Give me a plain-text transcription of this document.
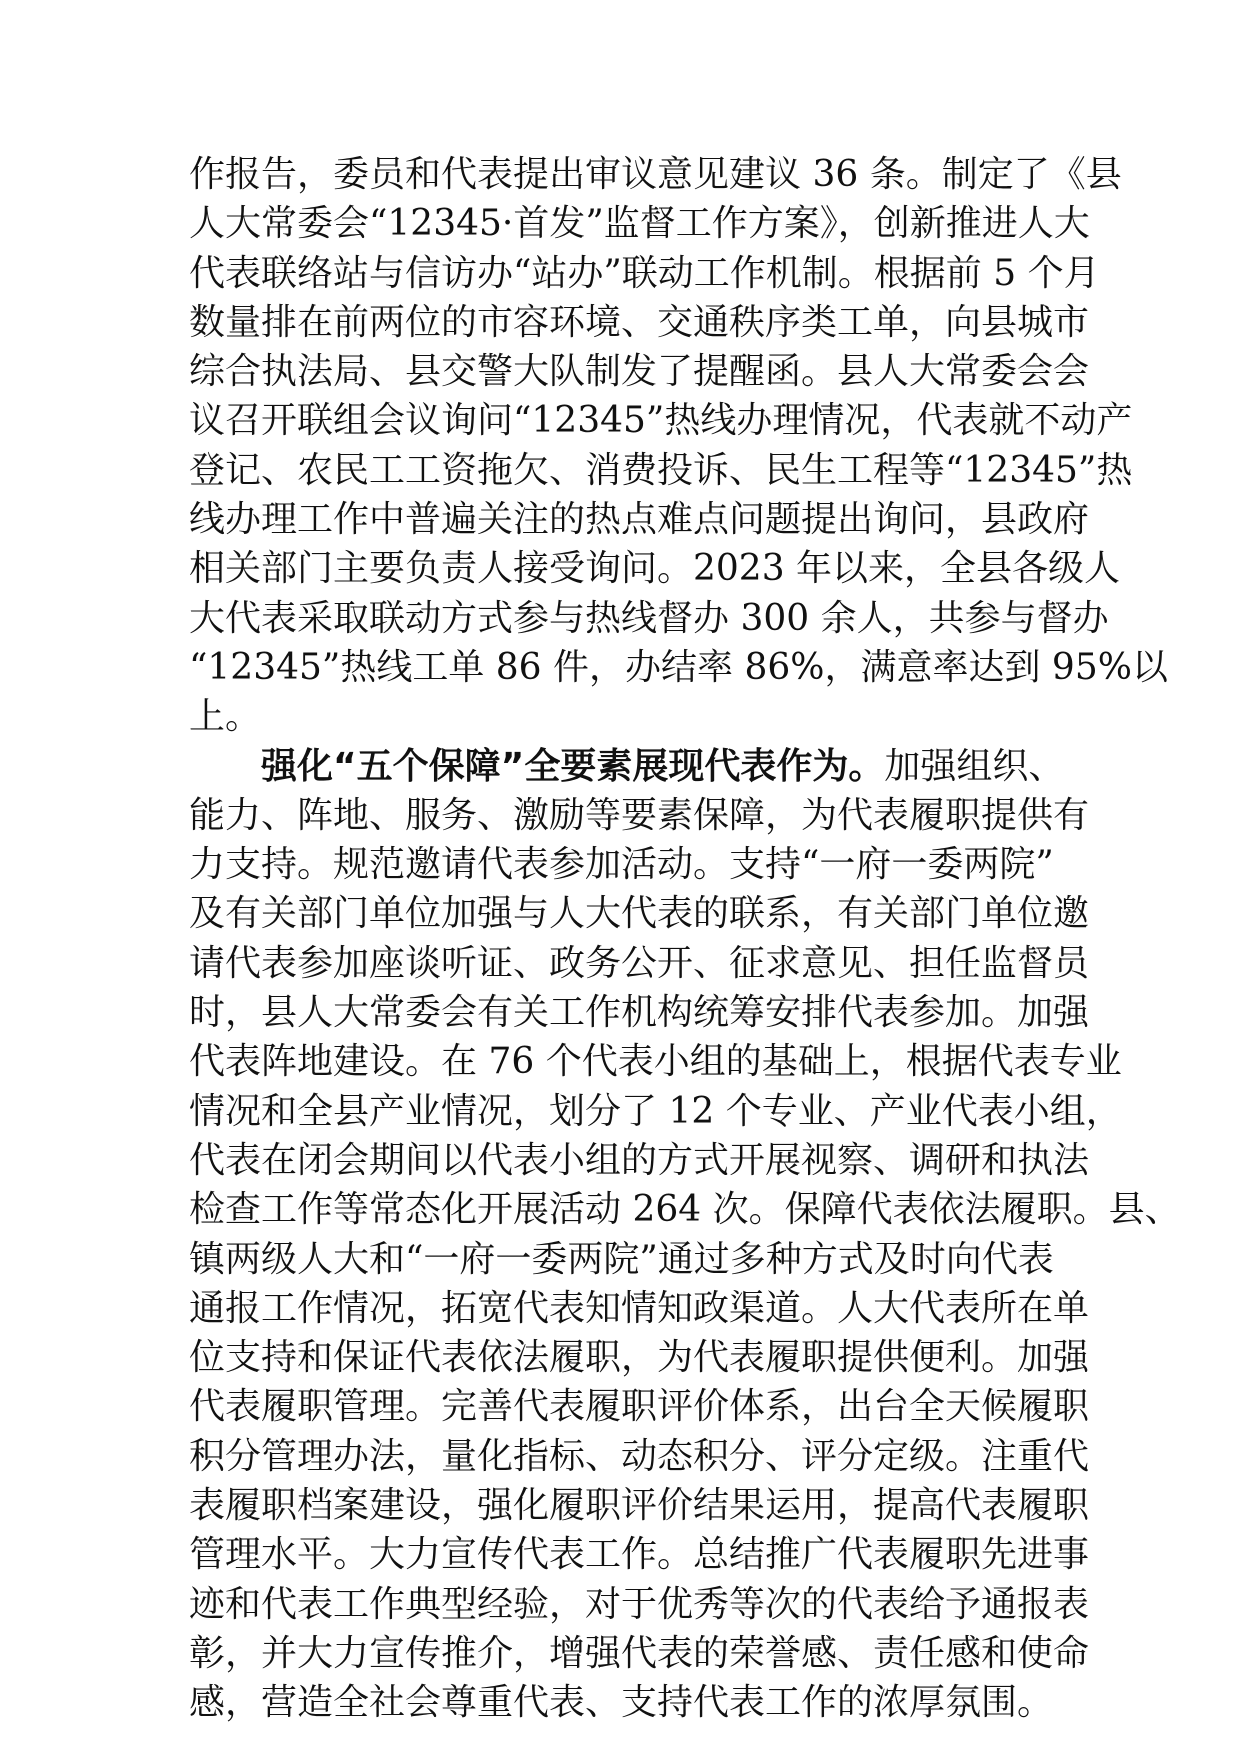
作报告，委员和代表提出审议意见建议 36 条。制定了《县
人大常委会“12345·首发”监督工作方案》，创新推进人大
代表联络站与信访办“站办”联动工作机制。根据前 5 个月
数量排在前两位的市容环境、交通秩序类工单，向县城市
综合执法局、县交警大队制发了提醒函。县人大常委会会
议召开联组会议询问“12345”热线办理情况，代表就不动产
登记、农民工工资拖欠、消费投诉、民生工程等“12345”热
线办理工作中普遍关注的热点难点问题提出询问，县政府
相关部门主要负责人接受询问。2023 年以来，全县各级人
大代表采取联动方式参与热线督办 300 余人，共参与督办
“12345”热线工单 86 件，办结率 86%，满意率达到 95%以
上。
强化“五个保障”全要素展现代表作为。加强组织、
能力、阵地、服务、激励等要素保障，为代表履职提供有
力支持。规范邀请代表参加活动。支持“一府一委两院”
及有关部门单位加强与人大代表的联系，有关部门单位邀
请代表参加座谈听证、政务公开、征求意见、担任监督员
时，县人大常委会有关工作机构统筹安排代表参加。加强
代表阵地建设。在 76 个代表小组的基础上，根据代表专业
情况和全县产业情况，划分了 12 个专业、产业代表小组，
代表在闭会期间以代表小组的方式开展视察、调研和执法
检查工作等常态化开展活动 264 次。保障代表依法履职。县、
镇两级人大和“一府一委两院”通过多种方式及时向代表
通报工作情况，拓宽代表知情知政渠道。人大代表所在单
位支持和保证代表依法履职，为代表履职提供便利。加强
代表履职管理。完善代表履职评价体系，出台全天候履职
积分管理办法，量化指标、动态积分、评分定级。注重代
表履职档案建设，强化履职评价结果运用，提高代表履职
管理水平。大力宣传代表工作。总结推广代表履职先进事
迹和代表工作典型经验，对于优秀等次的代表给予通报表
彰，并大力宣传推介，增强代表的荣誉感、责任感和使命
感，营造全社会尊重代表、支持代表工作的浓厚氛围。
